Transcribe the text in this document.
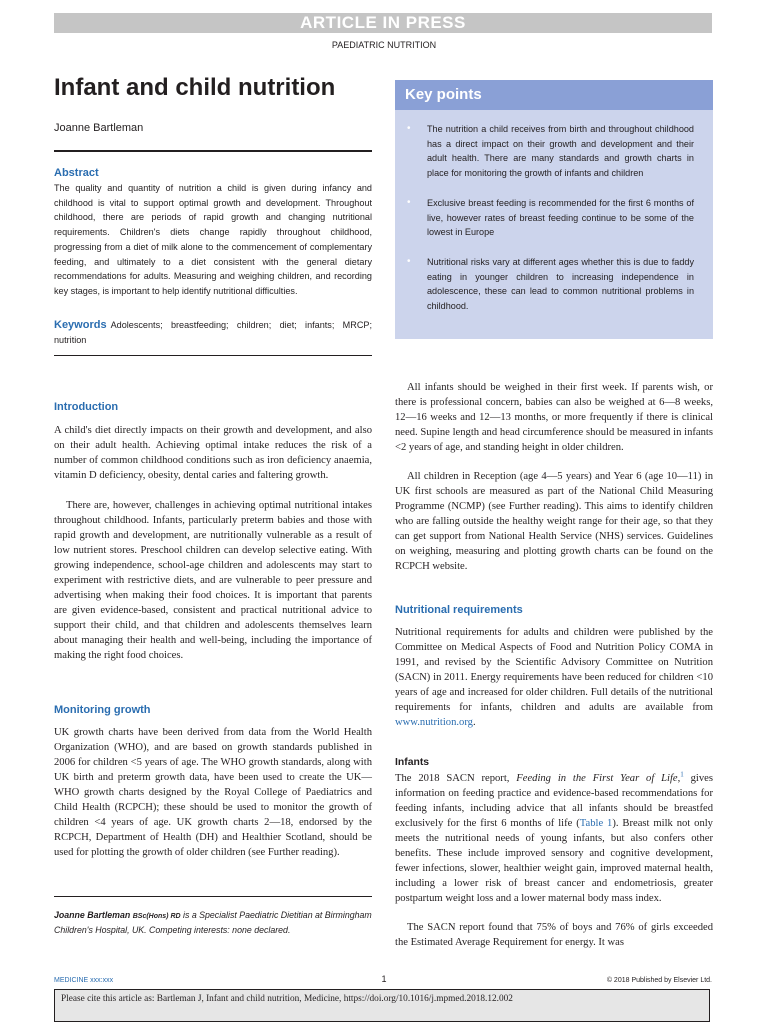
ARTICLE IN PRESS
PAEDIATRIC NUTRITION
Infant and child nutrition
Joanne Bartleman
Abstract

The quality and quantity of nutrition a child is given during infancy and childhood is vital to support optimal growth and development. Throughout childhood, there are periods of rapid growth and changing nutritional requirements. Children's diets change rapidly throughout childhood, progressing from a diet of milk alone to the commencement of complementary feeding, and ultimately to a diet consistent with the general dietary recommendations for adults. Measuring and weighing children, and recording key stages, is important to help identify nutritional difficulties.

Keywords Adolescents; breastfeeding; children; diet; infants; MRCP; nutrition

Key points
• The nutrition a child receives from birth and throughout childhood has a direct impact on their growth and development and their adult health. There are many standards and growth charts in place for monitoring the growth of infants and children
• Exclusive breast feeding is recommended for the first 6 months of live, however rates of breast feeding continue to be some of the lowest in Europe
• Nutritional risks vary at different ages whether this is due to faddy eating in younger children to increasing independence in adolescence, these can lead to common nutritional problems in childhood.
Introduction

A child's diet directly impacts on their growth and development, and also on their adult health. Achieving optimal intake reduces the risk of a number of common childhood conditions such as iron deficiency anaemia, vitamin D deficiency, obesity, dental caries and faltering growth.

There are, however, challenges in achieving optimal nutritional intakes throughout childhood. Infants, particularly preterm babies and those with rapid growth and development, are nutritionally vulnerable as a result of low nutrient stores. Preschool children can develop selective eating. With growing independence, school-age children and adolescents may start to experiment with restrictive diets, and are vulnerable to peer pressure and advertising when making their food choices. It is important that parents are given evidence-based, consistent and practical nutritional advice to support their child, and that children and adolescents themselves learn about managing their health and well-being, including the importance of making the right food choices.

Monitoring growth

UK growth charts have been derived from data from the World Health Organization (WHO), and are based on growth standards published in 2006 for children <5 years of age. The WHO growth standards, along with UK birth and preterm growth data, have been used to create the UK—WHO growth charts designed by the Royal College of Paediatrics and Child Health (RCPCH); these should be used to monitor the growth of children <4 years of age. UK growth charts 2—18, endorsed by the RCPCH, Department of Health (DH) and Healthier Scotland, should be used for plotting the growth of older children (see Further reading).

Joanne Bartleman BSc(Hons) RD is a Specialist Paediatric Dietitian at Birmingham Children's Hospital, UK. Competing interests: none declared.

All infants should be weighed in their first week. If parents wish, or there is professional concern, babies can also be weighed at 6—8 weeks, 12—16 weeks and 12—13 months, or more frequently if there is clinical need. Supine length and head circumference should be measured in infants <2 years of age, and standing height in older children.

All children in Reception (age 4—5 years) and Year 6 (age 10—11) in UK first schools are measured as part of the National Child Measuring Programme (NCMP) (see Further reading). This aims to identify children who are falling outside the healthy weight range for their age, so that they can get support from National Health Service (NHS) services. Guidelines on weighing, measuring and plotting growth charts can be found on the RCPCH website.

Nutritional requirements

Nutritional requirements for adults and children were published by the Committee on Medical Aspects of Food and Nutrition Policy COMA in 1991, and revised by the Scientific Advisory Committee on Nutrition (SACN) in 2011. Energy requirements have been reduced for children <10 years of age and increased for older children. Full details of the nutritional requirements for infants, children and adults are available from www.nutrition.org.

Infants

The 2018 SACN report, Feeding in the First Year of Life,$^1$ gives information on feeding practice and evidence-based recommendations for feeding infants, including advice that all infants should be breastfed exclusively for the first 6 months of life (Table 1). Breast milk not only meets the nutritional needs of young infants, but also confers other benefits. These include improved sensory and cognitive development, fewer infections, slower, healthier weight gain, improved maternal health, including a lower risk of breast cancer and endometriosis, greater postpartum weight loss and a lower maternal body mass index.

The SACN report found that 75% of boys and 76% of girls exceeded the Estimated Average Requirement for energy. It was

MEDICINE xxx:xxx	1	© 2018 Published by Elsevier Ltd.
Please cite this article as: Bartleman J, Infant and child nutrition, Medicine, https://doi.org/10.1016/j.mpmed.2018.12.002
